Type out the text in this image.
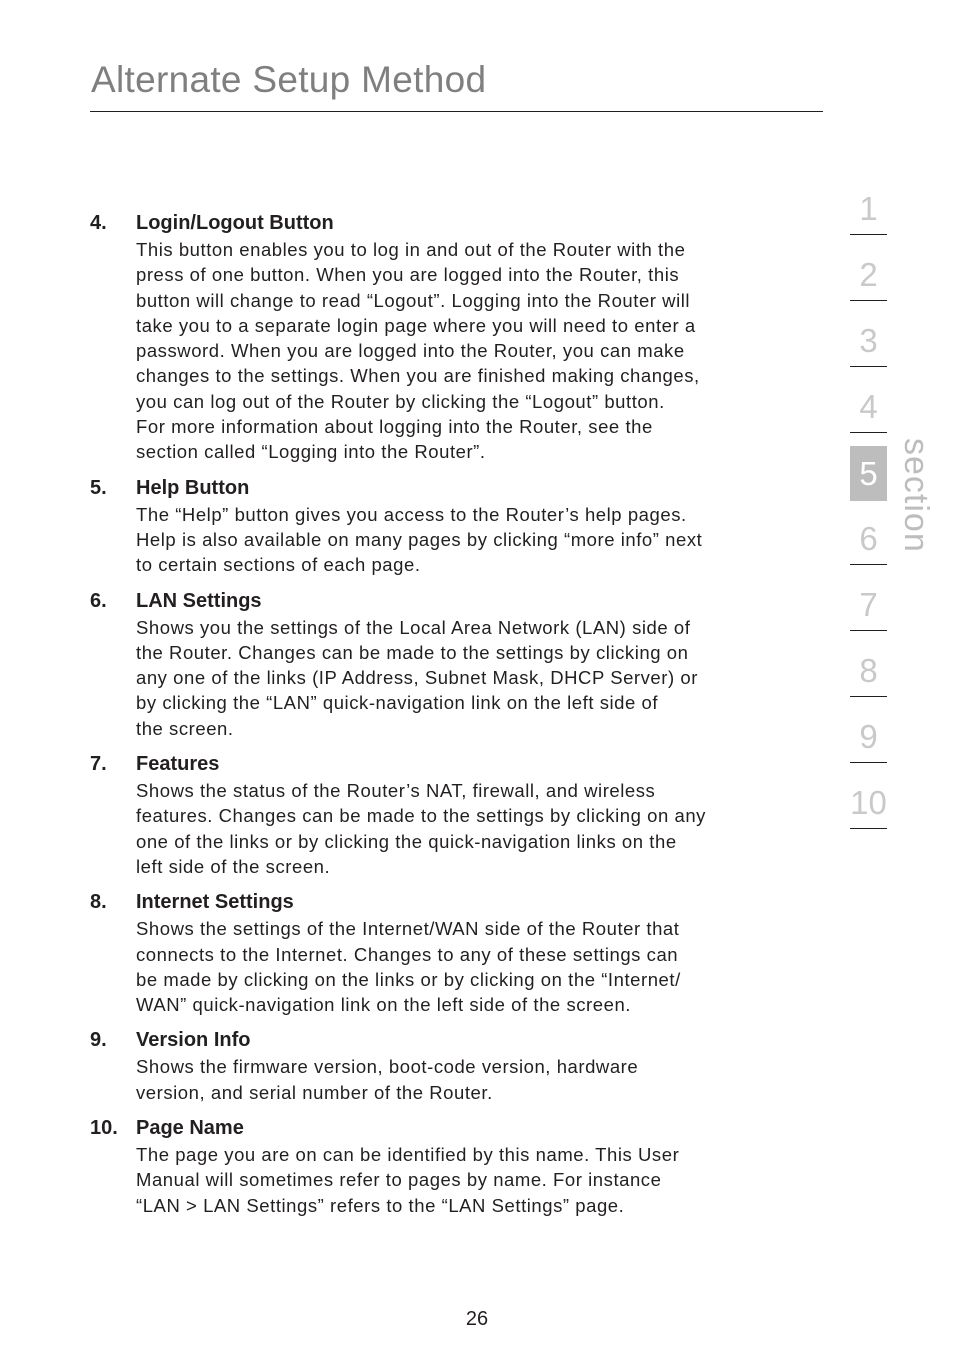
Alternate Setup Method
4. Login/Logout Button

This button enables you to log in and out of the Router with the
press of one button. When you are logged into the Router, this
button will change to read “Logout”. Logging into the Router will
take you to a separate login page where you will need to enter a
password. When you are logged into the Router, you can make
changes to the settings. When you are finished making changes,
you can log out of the Router by clicking the “Logout” button.
For more information about logging into the Router, see the
section called “Logging into the Router”.

5. Help Button

The “Help” button gives you access to the Router’s help pages.
Help is also available on many pages by clicking “more info” next
to certain sections of each page.

6. LAN Settings

Shows you the settings of the Local Area Network (LAN) side of
the Router. Changes can be made to the settings by clicking on
any one of the links (IP Address, Subnet Mask, DHCP Server) or
by clicking the “LAN” quick-navigation link on the left side of
the screen.

7. Features

Shows the status of the Router’s NAT, firewall, and wireless
features. Changes can be made to the settings by clicking on any
one of the links or by clicking the quick-navigation links on the
left side of the screen.

8. Internet Settings

Shows the settings of the Internet/WAN side of the Router that
connects to the Internet. Changes to any of these settings can
be made by clicking on the links or by clicking on the “Internet/
WAN” quick-navigation link on the left side of the screen.

9. Version Info

Shows the firmware version, boot-code version, hardware
version, and serial number of the Router.

10. Page Name

The page you are on can be identified by this name. This User
Manual will sometimes refer to pages by name. For instance
“LAN > LAN Settings” refers to the “LAN Settings” page.

1
2
3
4
5
6
7
8
9
10
section
26
